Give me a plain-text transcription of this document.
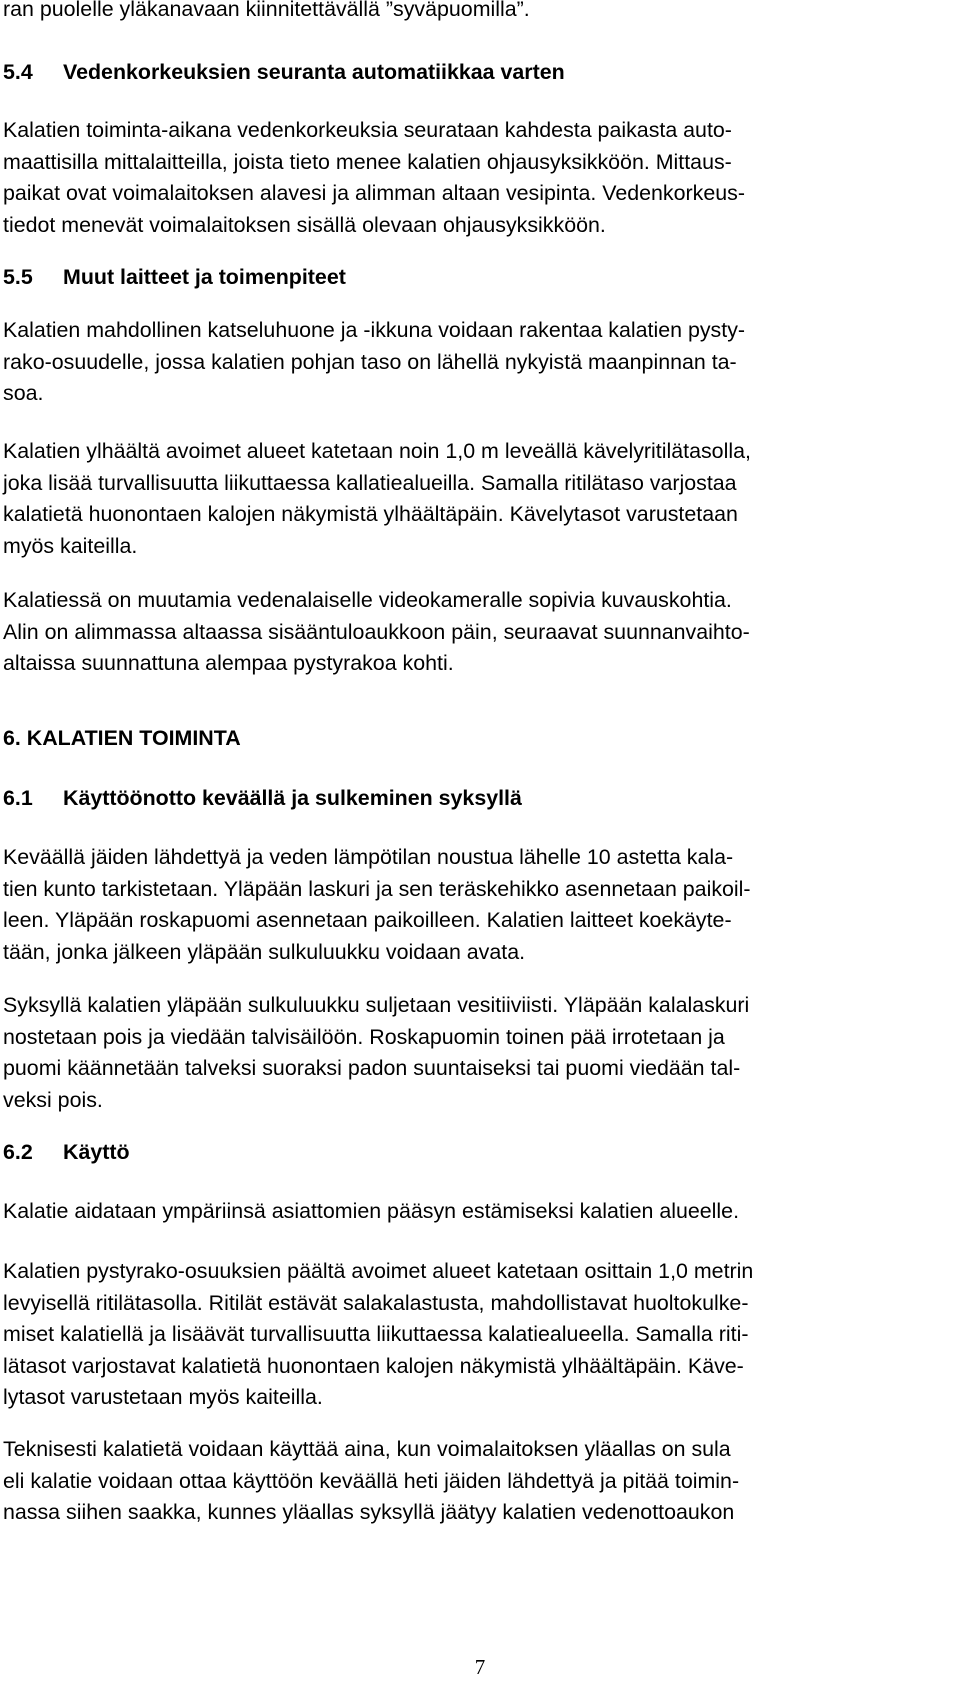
ran puolelle yläkanavaan kiinnitettävällä ”syväpuomilla”.
5.4 Vedenkorkeuksien seuranta automatiikkaa varten
Kalatien toiminta-aikana vedenkorkeuksia seurataan kahdesta paikasta auto-
maattisilla mittalaitteilla, joista tieto menee kalatien ohjausyksikköön. Mittaus-
paikat ovat voimalaitoksen alavesi ja alimman altaan vesipinta. Vedenkorkeus-
tiedot menevät voimalaitoksen sisällä olevaan ohjausyksikköön.
5.5 Muut laitteet ja toimenpiteet
Kalatien mahdollinen katseluhuone ja -ikkuna voidaan rakentaa kalatien pysty-
rako-osuudelle, jossa kalatien pohjan taso on lähellä nykyistä maanpinnan ta-
soa.
Kalatien ylhäältä avoimet alueet katetaan noin 1,0 m leveällä kävelyritilätasolla,
joka lisää turvallisuutta liikuttaessa kallatiealueilla. Samalla ritilätaso varjostaa
kalatietä huonontaen kalojen näkymistä ylhäältäpäin. Kävelytasot varustetaan
myös kaiteilla.
Kalatiessä on muutamia vedenalaiselle videokameralle sopivia kuvauskohtia.
Alin on alimmassa altaassa sisääntuloaukkoon päin, seuraavat suunnanvaihto-
altaissa suunnattuna alempaa pystyrakoa kohti.
6. KALATIEN TOIMINTA
6.1 Käyttöönotto keväällä ja sulkeminen syksyllä
Keväällä jäiden lähdettyä ja veden lämpötilan noustua lähelle 10 astetta kala-
tien kunto tarkistetaan. Yläpään laskuri ja sen teräskehikko asennetaan paikoil-
leen. Yläpään roskapuomi asennetaan paikoilleen. Kalatien laitteet koekäyte-
tään, jonka jälkeen yläpään sulkuluukku voidaan avata.
Syksyllä kalatien yläpään sulkuluukku suljetaan vesitiiviisti. Yläpään kalalaskuri
nostetaan pois ja viedään talvisäilöön. Roskapuomin toinen pää irrotetaan ja
puomi käännetään talveksi suoraksi padon suuntaiseksi tai puomi viedään tal-
veksi pois.
6.2 Käyttö
Kalatie aidataan ympäriinsä asiattomien pääsyn estämiseksi kalatien alueelle.
Kalatien pystyrako-osuuksien päältä avoimet alueet katetaan osittain 1,0 metrin
levyisellä ritilätasolla. Ritilät estävät salakalastusta, mahdollistavat huoltokulke-
miset kalatiellä ja lisäävät turvallisuutta liikuttaessa kalatiealueella. Samalla riti-
lätasot varjostavat kalatietä huonontaen kalojen näkymistä ylhäältäpäin. Käve-
lytasot varustetaan myös kaiteilla.
Teknisesti kalatietä voidaan käyttää aina, kun voimalaitoksen yläallas on sula
eli kalatie voidaan ottaa käyttöön keväällä heti jäiden lähdettyä ja pitää toimin-
nassa siihen saakka, kunnes yläallas syksyllä jäätyy kalatien vedenottoaukon
7
